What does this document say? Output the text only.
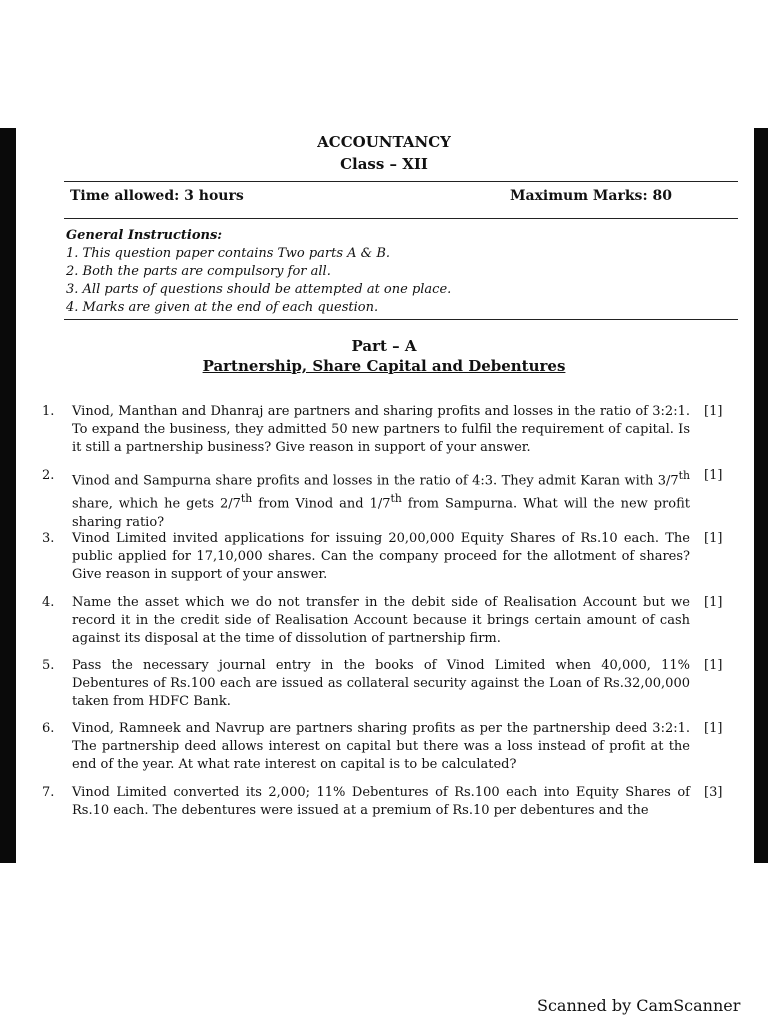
ACCOUNTANCY
Class – XII
Time allowed: 3 hours	Maximum Marks: 80
General Instructions:
1. This question paper contains Two parts A & B.
2. Both the parts are compulsory for all.
3. All parts of questions should be attempted at one place.
4. Marks are given at the end of each question.
Part – A
Partnership, Share Capital and Debentures
1. Vinod, Manthan and Dhanraj are partners and sharing profits and losses in the ratio of 3:2:1. To expand the business, they admitted 50 new partners to fulfil the requirement of capital. Is it still a partnership business? Give reason in support of your answer.
[1]
2. Vinod and Sampurna share profits and losses in the ratio of 4:3. They admit Karan with 3/7th share, which he gets 2/7th from Vinod and 1/7th from Sampurna. What will the new profit sharing ratio?
[1]
3. Vinod Limited invited applications for issuing 20,00,000 Equity Shares of Rs.10 each. The public applied for 17,10,000 shares. Can the company proceed for the allotment of shares? Give reason in support of your answer.
[1]
4. Name the asset which we do not transfer in the debit side of Realisation Account but we record it in the credit side of Realisation Account because it brings certain amount of cash against its disposal at the time of dissolution of partnership firm.
[1]
5. Pass the necessary journal entry in the books of Vinod Limited when 40,000, 11% Debentures of Rs.100 each are issued as collateral security against the Loan of Rs.32,00,000 taken from HDFC Bank.
[1]
6. Vinod, Ramneek and Navrup are partners sharing profits as per the partnership deed 3:2:1. The partnership deed allows interest on capital but there was a loss instead of profit at the end of the year. At what rate interest on capital is to be calculated?
[1]
7. Vinod Limited converted its 2,000; 11% Debentures of Rs.100 each into Equity Shares of Rs.10 each. The debentures were issued at a premium of Rs.10 per debentures and the
[3]
Scanned by CamScanner
